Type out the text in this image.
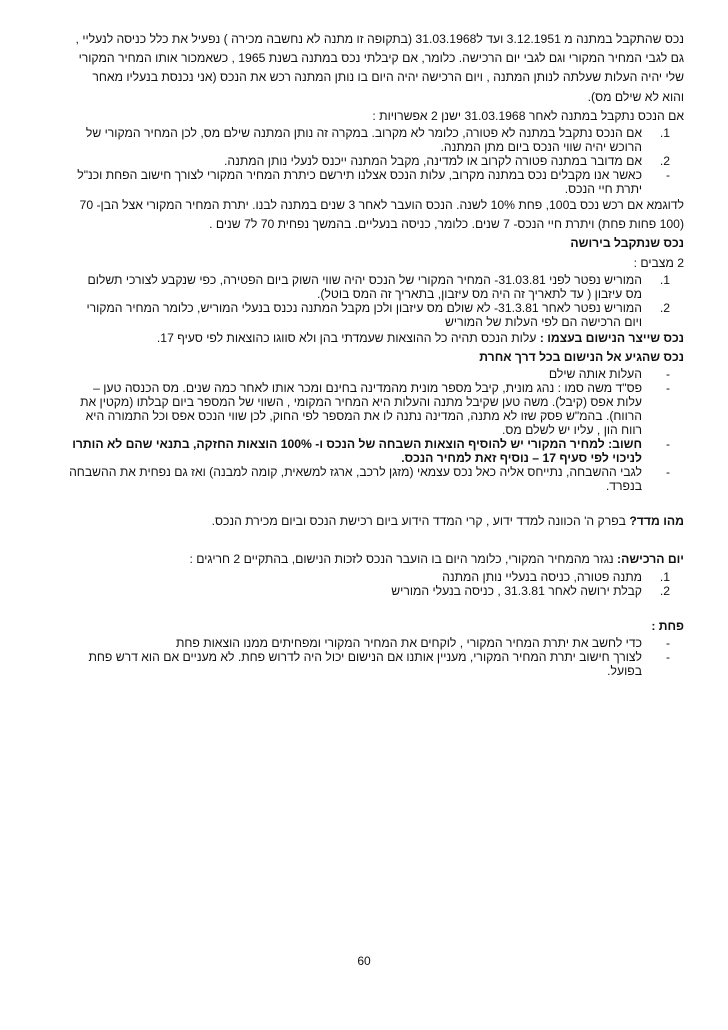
נכס שהתקבל במתנה מ 3.12.1951 ועד ל31.03.1968 (בתקופה זו מתנה לא נחשבה מכירה ) נפעיל את כלל כניסה לנעליי , גם לגבי המחיר המקורי וגם לגבי יום הרכישה. כלומר, אם קיבלתי נכס במתנה בשנת 1965 , כשאמכור אותו המחיר המקורי שלי יהיה העלות שעלתה לנותן המתנה , ויום הרכישה יהיה היום בו נותן המתנה רכש את הנכס (אני נכנסת בנעליו מאחר והוא לא שילם מס).

אם הנכס נתקבל במתנה לאחר 31.03.1968 ישנן 2 אפשרויות :

1.
אם הנכס נתקבל במתנה לא פטורה, כלומר לא מקרוב. במקרה זה נותן המתנה שילם מס, לכן המחיר המקורי של הרוכש יהיה שווי הנכס ביום מתן המתנה.
2.
אם מדובר במתנה פטורה לקרוב או למדינה, מקבל המתנה ייכנס לנעלי נותן המתנה.
-
כאשר אנו מקבלים נכס במתנה מקרוב, עלות הנכס אצלנו תירשם כיתרת המחיר המקורי לצורך חישוב הפחת וכנ"ל יתרת חיי הנכס.

לדוגמא אם רכש נכס ב100, פחת 10% לשנה. הנכס הועבר לאחר 3 שנים במתנה לבנו. יתרת המחיר המקורי אצל הבן- 70 (100 פחות פחת) ויתרת חיי הנכס- 7 שנים. כלומר, כניסה בנעליים. בהמשך נפחית 70 ל7 שנים .

נכס שנתקבל בירושה

2 מצבים :

1.
המוריש נפטר לפני 31.03.81- המחיר המקורי של הנכס יהיה שווי השוק ביום הפטירה, כפי שנקבע לצורכי תשלום מס עיזבון ( עד לתאריך זה היה מס עיזבון, בתאריך זה המס בוטל).
2.
המוריש נפטר לאחר 31.3.81- לא שולם מס עיזבון ולכן מקבל המתנה נכנס בנעלי המוריש, כלומר המחיר המקורי ויום הרכישה הם לפי העלות של המוריש

נכס שייצר הנישום בעצמו : עלות הנכס תהיה כל ההוצאות שעמדתי בהן ולא סווגו כהוצאות לפי סעיף 17.

נכס שהגיע אל הנישום בכל דרך אחרת

-
העלות אותה שילם
-
פס"ד משה סמו : נהג מונית, קיבל מספר מונית מהמדינה בחינם ומכר אותו לאחר כמה שנים. מס הכנסה טען – עלות אפס (קיבל). משה טען שקיבל מתנה והעלות היא המחיר המקומי , השווי של המספר ביום קבלתו (מקטין את הרווח). בהמ"ש פסק שזו לא מתנה, המדינה נתנה לו את המספר לפי החוק, לכן שווי הנכס אפס וכל התמורה היא רווח הון , עליו יש לשלם מס.
-
חשוב: למחיר המקורי יש להוסיף הוצאות השבחה של הנכס ו- 100% הוצאות החזקה, בתנאי שהם לא הותרו לניכוי לפי סעיף 17 – נוסיף זאת למחיר הנכס.
-
לגבי ההשבחה, נתייחס אליה כאל נכס עצמאי (מזגן לרכב, ארגז למשאית, קומה למבנה) ואז גם נפחית את ההשבחה בנפרד.

מהו מדד? בפרק ה' הכוונה למדד ידוע , קרי המדד הידוע ביום רכישת הנכס וביום מכירת הנכס.

יום הרכישה: נגזר מהמחיר המקורי, כלומר היום בו הועבר הנכס לזכות הנישום, בהתקיים 2 חריגים :

1.
מתנה פטורה, כניסה בנעליי נותן המתנה
2.
קבלת ירושה לאחר 31.3.81 , כניסה בנעלי המוריש

פחת :

-
כדי לחשב את יתרת המחיר המקורי , לוקחים את המחיר המקורי ומפחיתים ממנו הוצאות פחת
-
לצורך חישוב יתרת המחיר המקורי, מעניין אותנו אם הנישום יכול היה לדרוש פחת. לא מעניים אם הוא דרש פחת בפועל.
60
